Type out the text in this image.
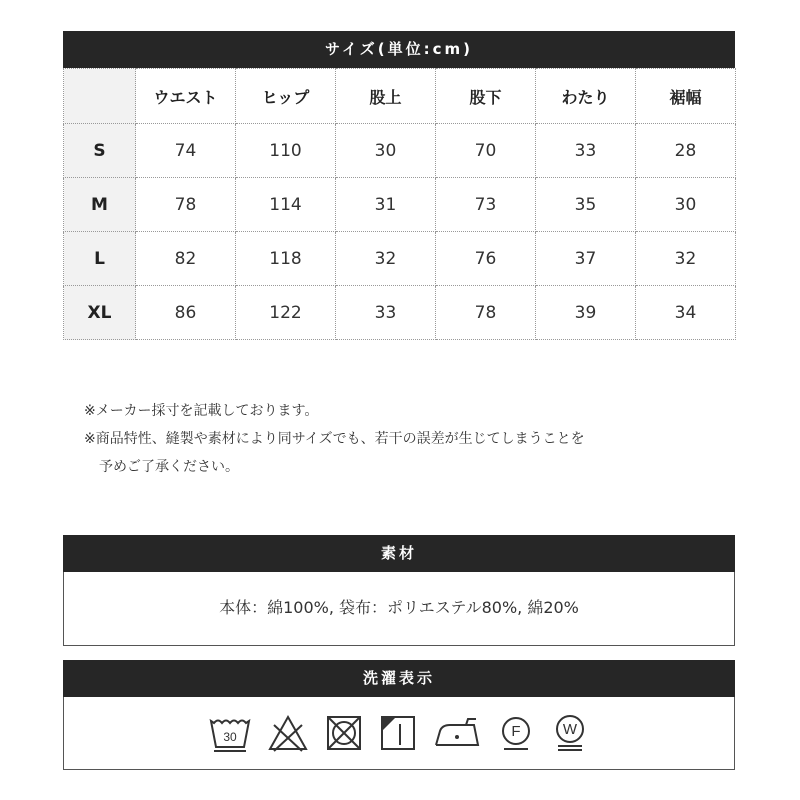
サイズ(単位:cm)
	ウエスト	ヒップ	股上	股下	わたり	裾幅
S	74	110	30	70	33	28
M	78	114	31	73	35	30
L	82	118	32	76	37	32
XL	86	122	33	78	39	34
※メーカー採寸を記載しております。
※商品特性、縫製や素材により同サイズでも、若干の誤差が生じてしまうことを
予めご了承ください。
素材
本体：綿100%, 袋布：ポリエステル80%, 綿20%
洗濯表示
30	F	W
